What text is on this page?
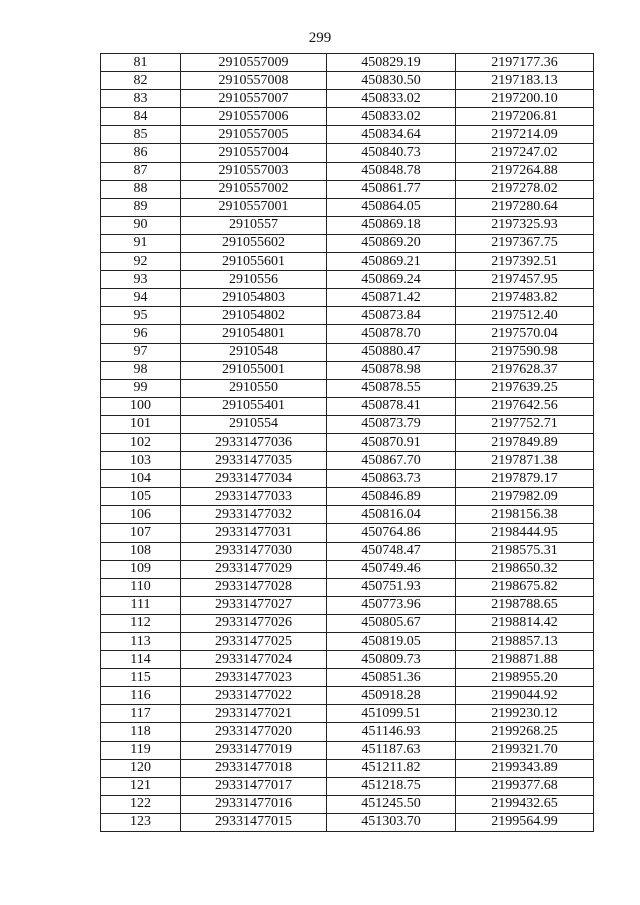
299
81	2910557009	450829.19	2197177.36
82	2910557008	450830.50	2197183.13
83	2910557007	450833.02	2197200.10
84	2910557006	450833.02	2197206.81
85	2910557005	450834.64	2197214.09
86	2910557004	450840.73	2197247.02
87	2910557003	450848.78	2197264.88
88	2910557002	450861.77	2197278.02
89	2910557001	450864.05	2197280.64
90	2910557	450869.18	2197325.93
91	291055602	450869.20	2197367.75
92	291055601	450869.21	2197392.51
93	2910556	450869.24	2197457.95
94	291054803	450871.42	2197483.82
95	291054802	450873.84	2197512.40
96	291054801	450878.70	2197570.04
97	2910548	450880.47	2197590.98
98	291055001	450878.98	2197628.37
99	2910550	450878.55	2197639.25
100	291055401	450878.41	2197642.56
101	2910554	450873.79	2197752.71
102	29331477036	450870.91	2197849.89
103	29331477035	450867.70	2197871.38
104	29331477034	450863.73	2197879.17
105	29331477033	450846.89	2197982.09
106	29331477032	450816.04	2198156.38
107	29331477031	450764.86	2198444.95
108	29331477030	450748.47	2198575.31
109	29331477029	450749.46	2198650.32
110	29331477028	450751.93	2198675.82
111	29331477027	450773.96	2198788.65
112	29331477026	450805.67	2198814.42
113	29331477025	450819.05	2198857.13
114	29331477024	450809.73	2198871.88
115	29331477023	450851.36	2198955.20
116	29331477022	450918.28	2199044.92
117	29331477021	451099.51	2199230.12
118	29331477020	451146.93	2199268.25
119	29331477019	451187.63	2199321.70
120	29331477018	451211.82	2199343.89
121	29331477017	451218.75	2199377.68
122	29331477016	451245.50	2199432.65
123	29331477015	451303.70	2199564.99
